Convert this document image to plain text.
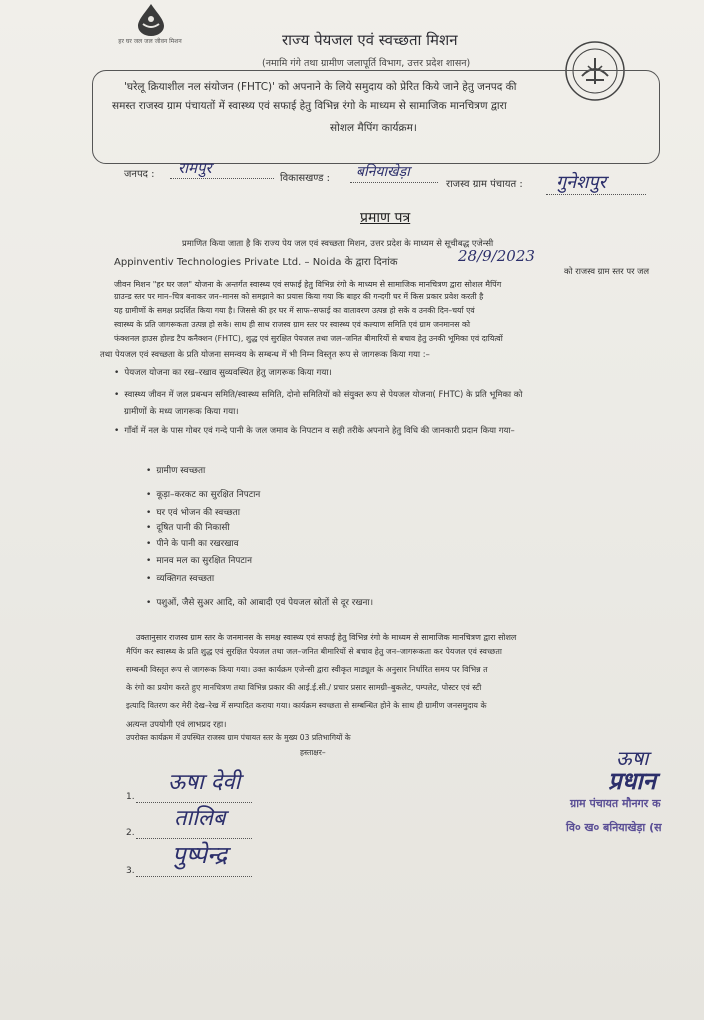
हर घर जल जल जीवन मिशन	राज्य पेयजल एवं स्वच्छता मिशन
(नमामि गंगे तथा ग्रामीण जलापूर्ति विभाग, उत्तर प्रदेश शासन)
'घरेलू क्रियाशील नल संयोजन (FHTC)' को अपनाने के लिये समुदाय को प्रेरित किये जाने हेतु जनपद की
समस्त राजस्व ग्राम पंचायतों में स्वास्थ्य एवं सफाई हेतु विभिन्न रंगो के माध्यम से सामाजिक मानचित्रण द्वारा
सोशल मैपिंग कार्यक्रम।
जनपद : रामपुर
विकासखण्ड : बनियाखेड़ा
राजस्व ग्राम पंचायत : गुनेशपुर
प्रमाण पत्र
प्रमाणित किया जाता है कि राज्य पेय जल एवं स्वच्छता मिशन, उत्तर प्रदेश के माध्यम से सूचीबद्ध एजेन्सी
Appinventiv Technologies Private Ltd. – Noida के द्वारा दिनांक	28/9/2023
को राजस्व ग्राम स्तर पर जल
जीवन मिशन "हर घर जल" योजना के अन्तर्गत स्वास्थ्य एवं सफाई हेतु विभिन्न रंगो के माध्यम से सामाजिक मानचित्रण द्वारा सोशल मैपिंग
ग्राउन्ड स्तर पर मान–चित्र बनाकर जन–मानस को समझाने का प्रयास किया गया कि बाहर की गन्दगी घर में किस प्रकार प्रवेश करती है
यह ग्रामीणों के समक्ष प्रदर्शित किया गया है। जिससे की हर घर में साफ–सफाई का वातावरण उत्पन्न हो सके व उनकी दिन–चर्या एवं
स्वास्थ्य के प्रति जागरूकता उत्पन्न हो सके। साथ ही साथ राजस्व ग्राम स्तर पर स्वास्थ्य एवं कल्याण समिति एवं ग्राम जनमानस को
फंक्शनल हाउस होल्ड टैप कनैक्शन (FHTC), शुद्ध एवं सुरक्षित पेयजल तथा जल–जनित बीमारियों से बचाव हेतु उनकी भूमिका एवं दायित्वों
तथा पेयजल एवं स्वच्छता के प्रति योजना समन्वय के सम्बन्ध में भी निम्न विस्तृत रूप से जागरूक किया गया :–
• पेयजल योजना का रख–रखाव सुव्यवस्थित हेतु जागरूक किया गया।
• स्वास्थ्य जीवन में जल प्रबन्धन समिति/स्वास्थ्य समिति, दोनो समितियों को संयुक्त रूप से पेयजल योजना( FHTC) के प्रति भूमिका को
ग्रामीणों के मध्य जागरूक किया गया।
• गाँवों में नल के पास गोबर एवं गन्दे पानी के जल जमाव के निपटान व सही तरीके अपनाने हेतु विधि की जानकारी प्रदान किया गया–
• ग्रामीण स्वच्छता
• कूड़ा–करकट का सुरक्षित निपटान
• घर एवं भोजन की स्वच्छता
• दूषित पानी की निकासी
• पीने के पानी का रखरखाव
• मानव मल का सुरक्षित निपटान
• व्यक्तिगत स्वच्छता
• पशुओं, जैसे सुअर आदि, को आबादी एवं पेयजल स्रोतों से दूर रखना।
उक्तानुसार राजस्व ग्राम स्तर के जनमानस के समक्ष स्वास्थ्य एवं सफाई हेतु विभिन्न रंगो के माध्यम से सामाजिक मानचित्रण द्वारा सोशल
मैपिंग कर स्वास्थ्य के प्रति शुद्ध एवं सुरक्षित पेयजल तथा जल–जनित बीमारियों से बचाव हेतु जन–जागरूकता कर पेयजल एवं स्वच्छता
सम्बन्धी विस्तृत रूप से जागरूक किया गया। उक्त कार्यक्रम एजेन्सी द्वारा स्वीकृत माड्यूल के अनुसार निर्धारित समय पर विभिन्न त
के रंगो का प्रयोग करते हुए मानचित्रण तथा विभिन्न प्रकार की आई.ई.सी./ प्रचार प्रसार सामग्री–बुकलेट, पम्पलेट, पोस्टर एवं स्टी
इत्यादि वितरण कर मेरी देख–रेख में सम्पादित कराया गया। कार्यक्रम स्वच्छता से सम्बन्धित होने के साथ ही ग्रामीण जनसमुदाय के
अत्यन्त उपयोगी एवं लाभप्रद रहा।
उपरोक्त कार्यक्रम में उपस्थित राजस्व ग्राम पंचायत स्तर के मुख्य 03 प्रतिभागियों के
हस्ताक्षर–
1.
ऊषा देवी
2.
तालिब
3.
पुष्पेन्द्र
ऊषा
प्रधान
ग्राम पंचायत मौनगर क
वि० ख० बनियाखेड़ा (स
